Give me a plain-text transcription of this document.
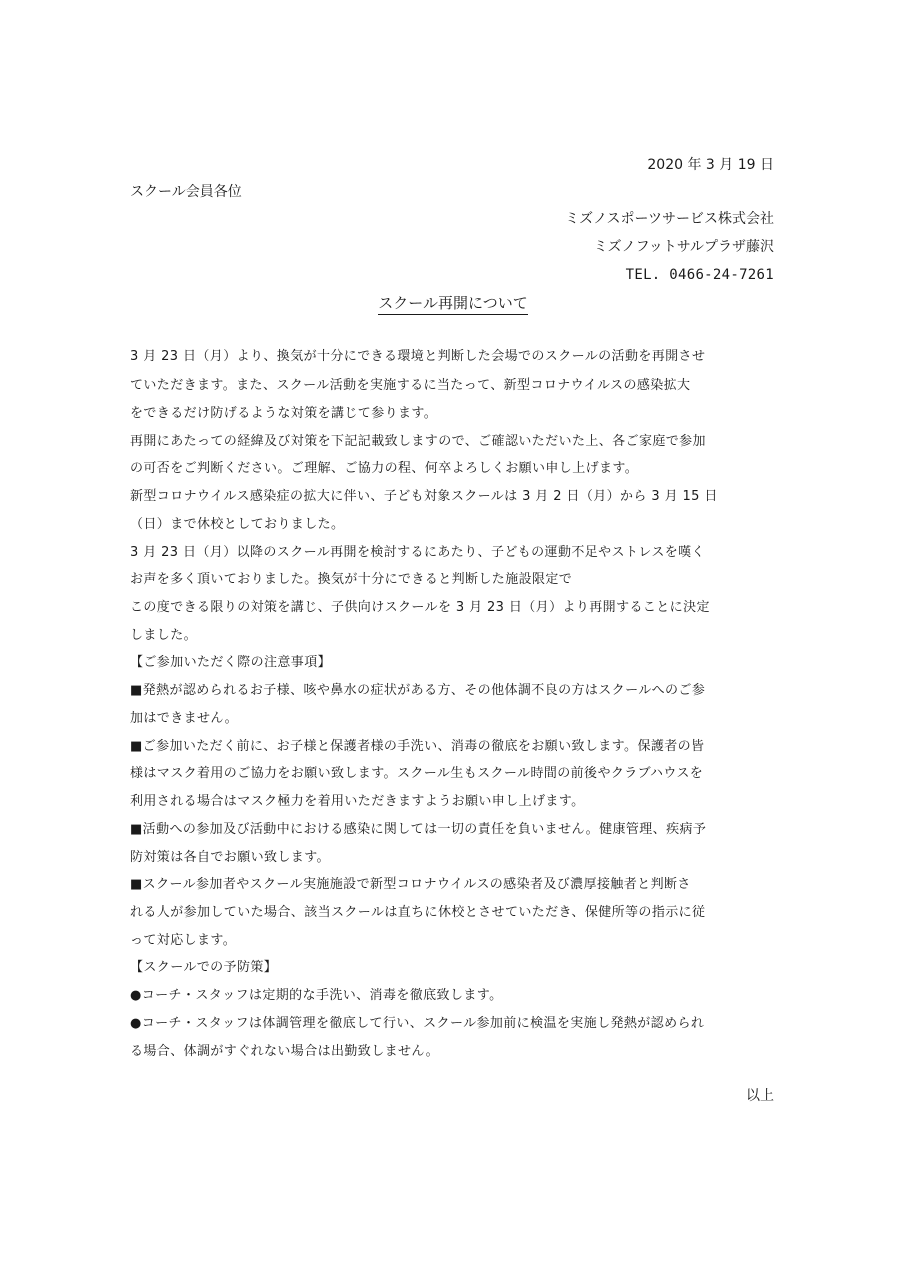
2020 年 3 月 19 日
スクール会員各位
ミズノスポーツサービス株式会社
ミズノフットサルプラザ藤沢
TEL. 0466-24-7261
スクール再開について
3 月 23 日（月）より、換気が十分にできる環境と判断した会場でのスクールの活動を再開させ
ていただきます。また、スクール活動を実施するに当たって、新型コロナウイルスの感染拡大
をできるだけ防げるような対策を講じて参ります。
再開にあたっての経緯及び対策を下記記載致しますので、ご確認いただいた上、各ご家庭で参加
の可否をご判断ください。ご理解、ご協力の程、何卒よろしくお願い申し上げます。
新型コロナウイルス感染症の拡大に伴い、子ども対象スクールは 3 月 2 日（月）から 3 月 15 日
（日）まで休校としておりました。
3 月 23 日（月）以降のスクール再開を検討するにあたり、子どもの運動不足やストレスを嘆く
お声を多く頂いておりました。換気が十分にできると判断した施設限定で
この度できる限りの対策を講じ、子供向けスクールを 3 月 23 日（月）より再開することに決定
しました。
【ご参加いただく際の注意事項】
■発熱が認められるお子様、咳や鼻水の症状がある方、その他体調不良の方はスクールへのご参
加はできません。
■ご参加いただく前に、お子様と保護者様の手洗い、消毒の徹底をお願い致します。保護者の皆
様はマスク着用のご協力をお願い致します。スクール生もスクール時間の前後やクラブハウスを
利用される場合はマスク極力を着用いただきますようお願い申し上げます。
■活動への参加及び活動中における感染に関しては一切の責任を負いません。健康管理、疾病予
防対策は各自でお願い致します。
■スクール参加者やスクール実施施設で新型コロナウイルスの感染者及び濃厚接触者と判断さ
れる人が参加していた場合、該当スクールは直ちに休校とさせていただき、保健所等の指示に従
って対応します。
【スクールでの予防策】
●コーチ・スタッフは定期的な手洗い、消毒を徹底致します。
●コーチ・スタッフは体調管理を徹底して行い、スクール参加前に検温を実施し発熱が認められ
る場合、体調がすぐれない場合は出勤致しません。
以上
